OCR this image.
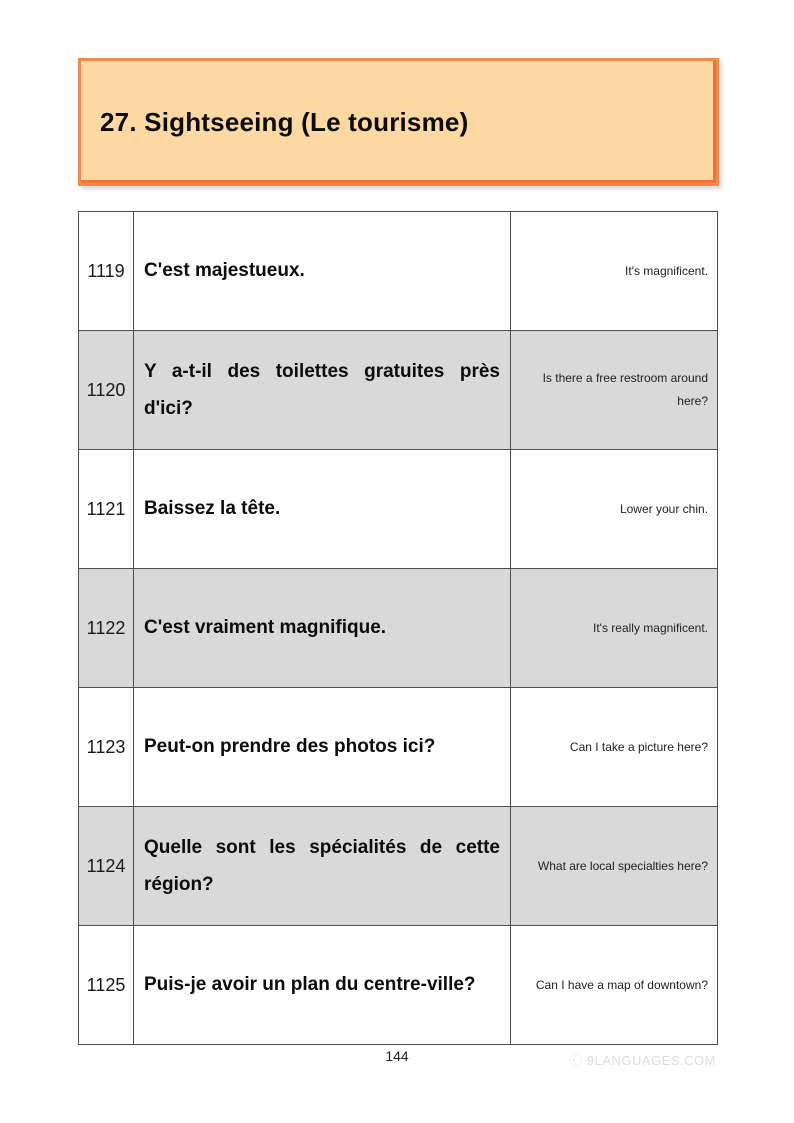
27. Sightseeing (Le tourisme)
1119	C'est majestueux.	It's magnificent.
1120	Y a-t-il des toilettes gratuites près d'ici?	Is there a free restroom around here?
1121	Baissez la tête.	Lower your chin.
1122	C'est vraiment magnifique.	It's really magnificent.
1123	Peut-on prendre des photos ici?	Can I take a picture here?
1124	Quelle sont les spécialités de cette région?	What are local specialties here?
1125	Puis-je avoir un plan du centre-ville?	Can I have a map of downtown?
144	ⓒ 9LANGUAGES.COM
